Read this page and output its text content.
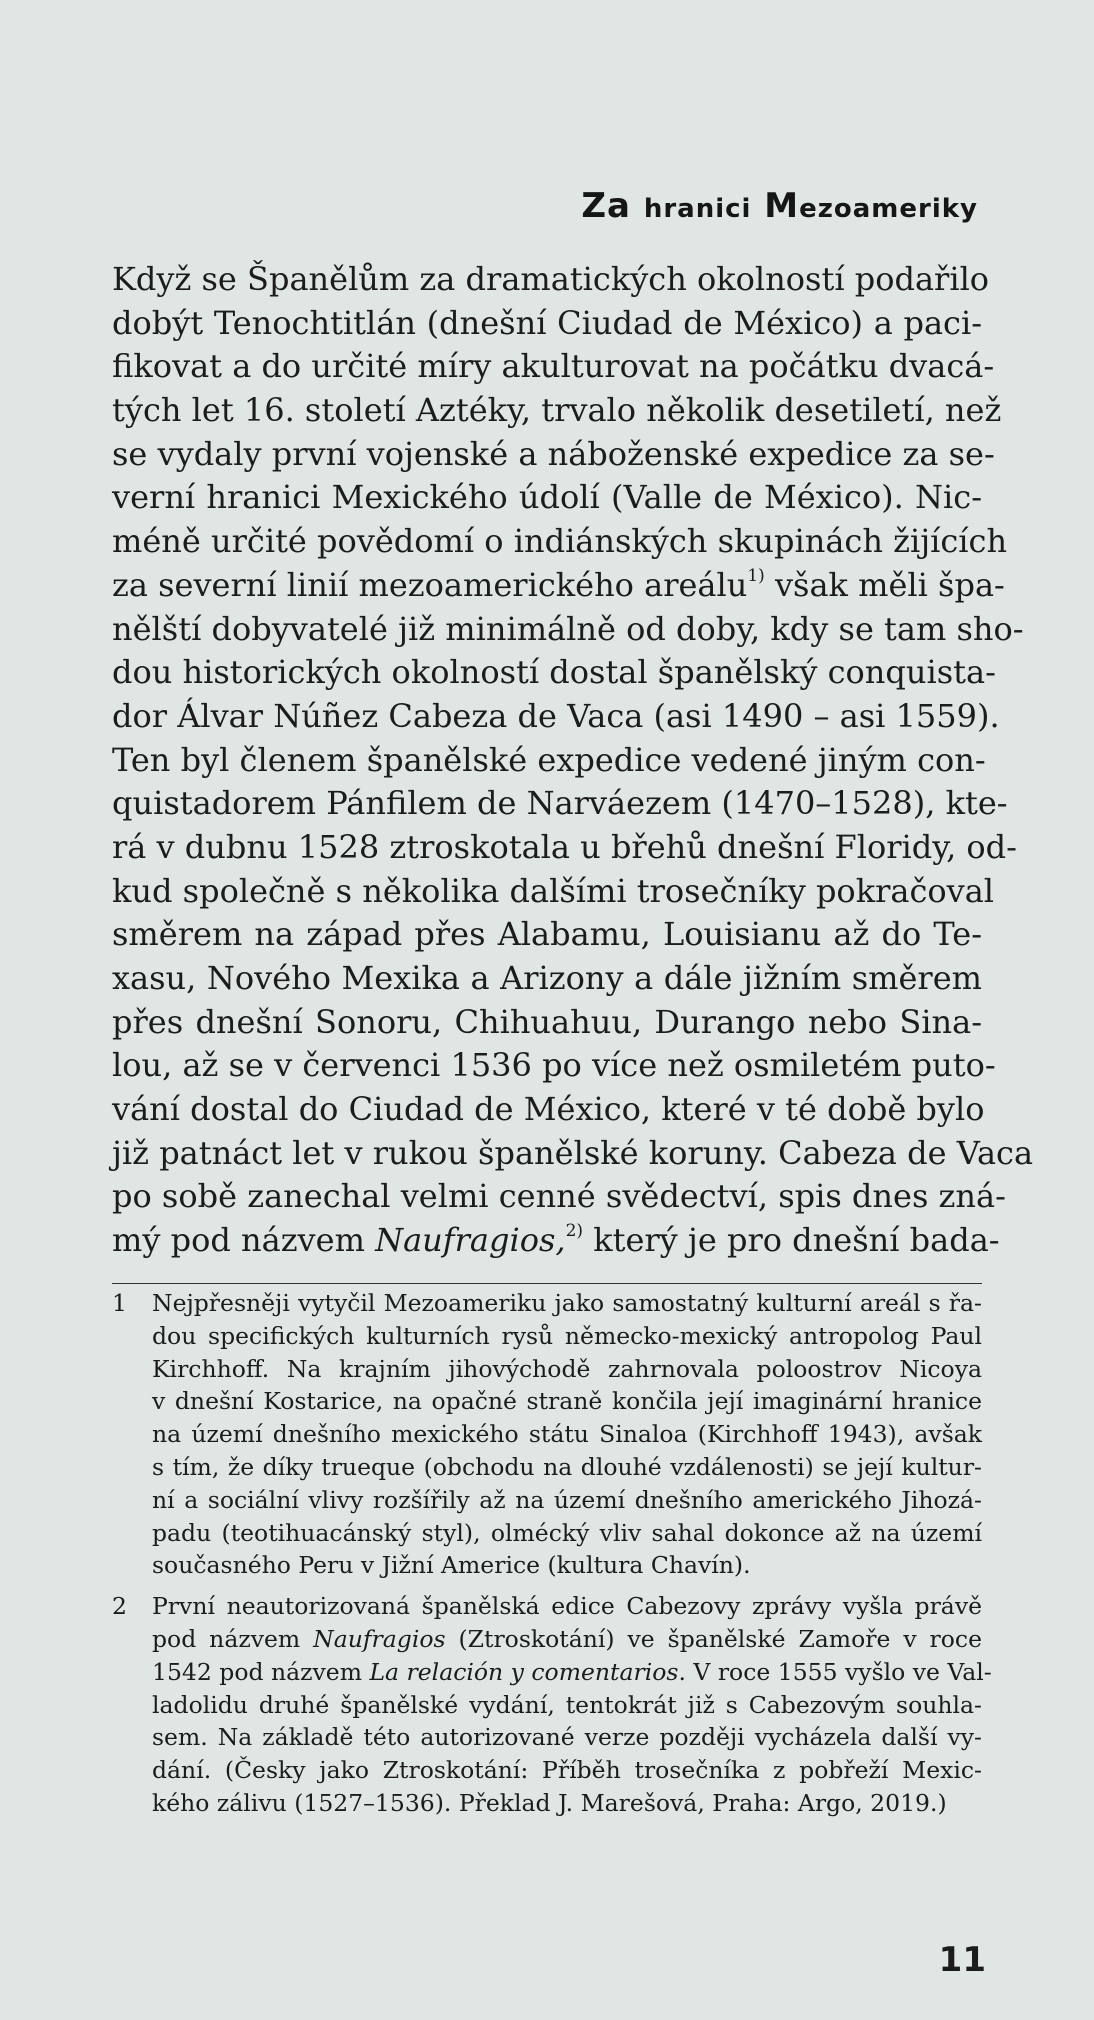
Za hranici Mezoameriky
Když se Španělům za dramatických okolností podařilo
dobýt Tenochtitlán (dnešní Ciudad de México) a paci-
fikovat a do určité míry akulturovat na počátku dvacá-
tých let 16. století Aztéky, trvalo několik desetiletí, než
se vydaly první vojenské a náboženské expedice za se-
verní hranici Mexického údolí (Valle de México). Nic-
méně určité povědomí o indiánských skupinách žijících
za severní linií mezoamerického areálu$^{1)}$ však měli špa-
nělští dobyvatelé již minimálně od doby, kdy se tam sho-
dou historických okolností dostal španělský conquista-
dor Álvar Núñez Cabeza de Vaca (asi 1490 – asi 1559).
Ten byl členem španělské expedice vedené jiným con-
quistadorem Pánfilem de Narváezem (1470–1528), kte-
rá v dubnu 1528 ztroskotala u břehů dnešní Floridy, od-
kud společně s několika dalšími trosečníky pokračoval
směrem na západ přes Alabamu, Louisianu až do Te-
xasu, Nového Mexika a Arizony a dále jižním směrem
přes dnešní Sonoru, Chihuahuu, Durango nebo Sina-
lou, až se v červenci 1536 po více než osmiletém puto-
vání dostal do Ciudad de México, které v té době bylo
již patnáct let v rukou španělské koruny. Cabeza de Vaca
po sobě zanechal velmi cenné svědectví, spis dnes zná-
mý pod názvem Naufragios,$^{2)}$ který je pro dnešní bada-
1 Nejpřesněji vytyčil Mezoameriku jako samostatný kulturní areál s řa-
dou specifických kulturních rysů německo-mexický antropolog Paul
Kirchhoff. Na krajním jihovýchodě zahrnovala poloostrov Nicoya
v dnešní Kostarice, na opačné straně končila její imaginární hranice
na území dnešního mexického státu Sinaloa (Kirchhoff 1943), avšak
s tím, že díky trueque (obchodu na dlouhé vzdálenosti) se její kultur-
ní a sociální vlivy rozšířily až na území dnešního amerického Jihozá-
padu (teotihuacánský styl), olmécký vliv sahal dokonce až na území
současného Peru v Jižní Americe (kultura Chavín).
2 První neautorizovaná španělská edice Cabezovy zprávy vyšla právě
pod názvem Naufragios (Ztroskotání) ve španělské Zamoře v roce
1542 pod názvem La relación y comentarios. V roce 1555 vyšlo ve Val-
ladolidu druhé španělské vydání, tentokrát již s Cabezovým souhla-
sem. Na základě této autorizované verze později vycházela další vy-
dání. (Česky jako Ztroskotání: Příběh trosečníka z pobřeží Mexic-
kého zálivu (1527–1536). Překlad J. Marešová, Praha: Argo, 2019.)
11
